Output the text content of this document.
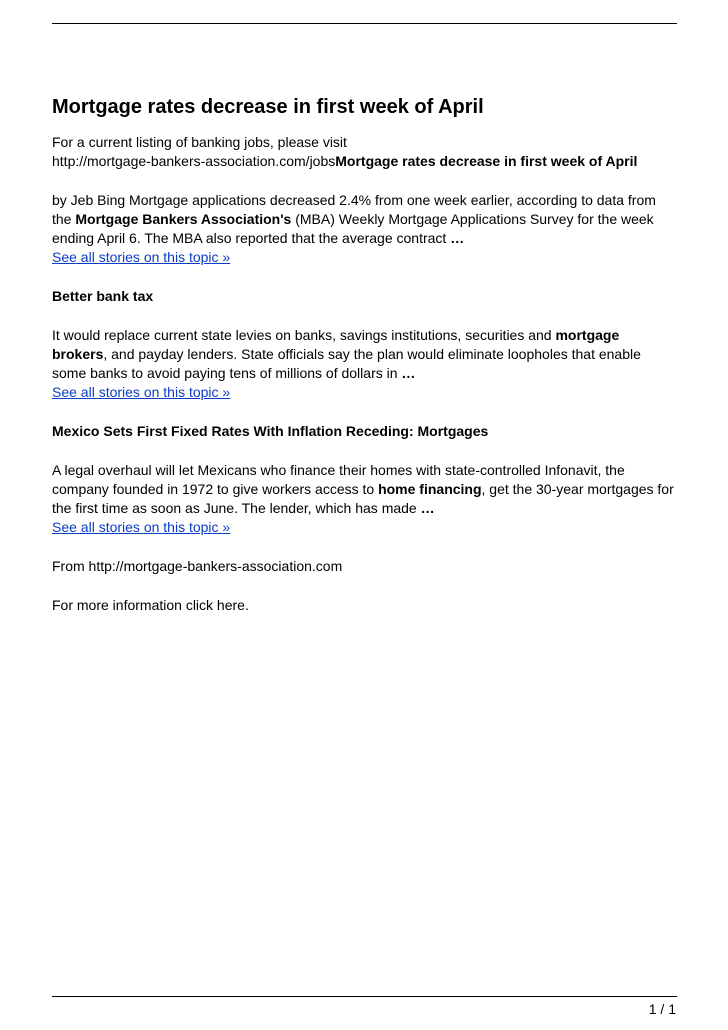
Mortgage rates decrease in first week of April

For a current listing of banking jobs, please visit
http://mortgage-bankers-association.com/jobsMortgage rates decrease in first week of April

by Jeb Bing Mortgage applications decreased 2.4% from one week earlier, according to data from the Mortgage Bankers Association's (MBA) Weekly Mortgage Applications Survey for the week ending April 6. The MBA also reported that the average contract …
See all stories on this topic »

Better bank tax

It would replace current state levies on banks, savings institutions, securities and mortgage brokers, and payday lenders. State officials say the plan would eliminate loopholes that enable some banks to avoid paying tens of millions of dollars in …
See all stories on this topic »

Mexico Sets First Fixed Rates With Inflation Receding: Mortgages

A legal overhaul will let Mexicans who finance their homes with state-controlled Infonavit, the company founded in 1972 to give workers access to home financing, get the 30-year mortgages for the first time as soon as June. The lender, which has made …
See all stories on this topic »

From http://mortgage-bankers-association.com

For more information click here.

1 / 1
